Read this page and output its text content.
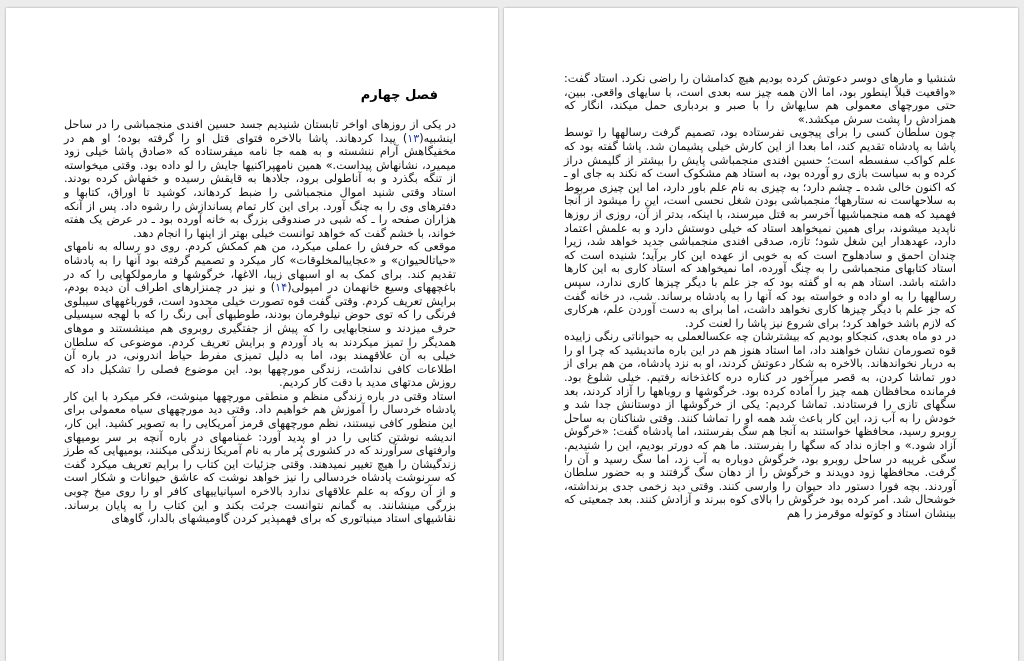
فصل چهارم

در یکی از روزهای اواخر تابستان شنیدیم جسد حسین افندی منجمباشی را در ساحل اینشبیه(۱۳) پیدا کردهاند. پاشا بالاخره فتوای قتل او را گرفته بوده؛ او هم در مخفیگاهش آرام ننشسته و به همه جا نامه میفرستاده که «صادق پاشا خیلی زود میمیرد، نشانهاش پیداست.» همین نامهپراکنیها جایش را لو داده بود. وقتی میخواسته از تنگه بگذرد و به آناطولی برود، جلادها به قایقش رسیده و خفهاش کرده بودند. استاد وقتی شنید اموال منجمباشی را ضبط کردهاند، کوشید تا اوراق، کتابها و دفترهای وی را به چنگ آورد. برای این کار تمام پساندازش را رشوه داد. پس از آنکه هزاران صفحه را ـ که شبی در صندوقی بزرگ به خانه آورده بود ـ در عرض یک هفته خواند، با خشم گفت که خواهد توانست خیلی بهتر از اینها را انجام دهد.

موقعی که حرفش را عملی میکرد، من هم کمکش کردم. روی دو رساله به نامهای «حیاتالحیوان» و «عجایبالمخلوقات» کار میکرد و تصمیم گرفته بود آنها را به پادشاه تقدیم کند. برای کمک به او اسبهای زیبا، الاغها، خرگوشها و مارمولکهایی را که در باغچههای وسیع خانهمان در امپولی(۱۴) و نیز در چمنزارهای اطراف آن دیده بودم، برایش تعریف کردم. وقتی گفت قوه تصورت خیلی محدود است، قورباغههای سیبلوی فرنگی را که توی حوض نیلوفرمان بودند، طوطیهای آبی رنگ را که با لهجه سیسیلی حرف میزدند و سنجابهایی را که پیش از جفتگیری روبروی هم مینشستند و موهای همدیگر را تمیز میکردند به یاد آوردم و برایش تعریف کردم. موضوعی که سلطان خیلی به آن علاقهمند بود، اما به دلیل تمیزی مفرط حیاط اندرونی، در باره آن اطلاعات کافی نداشت، زندگی مورچهها بود. این موضوع فصلی را تشکیل داد که روزش مدتهای مدید با دقت کار کردیم.

استاد وقتی در باره زندگی منظم و منطقی مورچهها مینوشت، فکر میکرد با این کار پادشاه خردسال را آموزش هم خواهیم داد. وقتی دید مورچههای سیاه معمولی برای این منظور کافی نیستند، نظم مورچههای قرمز آمریکایی را به تصویر کشید. این کار، اندیشه نوشتن کتابی را در او پدید آورد: غمنامهای در باره آنچه بر سر بومیهای وارفتهای سرآورند که در کشوری پُر مار به نام آمریکا زندگی میکنند، بومیهایی که طرز زندگیشان را هیچ تغییر نمیدهند. وقتی جزئیات این کتاب را برایم تعریف میکرد گفت که سرنوشت پادشاه خردسالی را نیز خواهد نوشت که عاشق حیوانات و شکار است و از آن روکه به علم علاقهای ندارد بالاخره اسپانیاییهای کافر او را روی میخ چوبی بزرگی مینشانند. به گمانم نتوانست جرئت بکند و این کتاب را به پایان برساند. نقاشیهای استاد مینیاتوری که برای فهمپذیر کردن گاومیشهای بالدار، گاوهای

شنشیا و مارهای دوسر دعوتش کرده بودیم هیچ کدامشان را راضی نکرد. استاد گفت: «واقعیت قبلاً اینطور بود، اما الان همه چیز سه بعدی است، با سایهای واقعی. ببین، حتی مورچهای معمولی هم سایهاش را با صبر و بردباری حمل میکند، انگار که همزادش را پشت سرش میکشد.»

چون سلطان کسی را برای پیجویی نفرستاده بود، تصمیم گرفت رسالهها را توسط پاشا به پادشاه تقدیم کند، اما بعدا از این کارش خیلی پشیمان شد. پاشا گفته بود که علم کواکب سفسطه است؛ حسین افندی منجمباشی پایش را بیشتر از گلیمش دراز کرده و به سیاست بازی رو آورده بود، به استاد هم مشکوک است که نکند به جای او ـ که اکنون خالی شده ـ چشم دارد؛ به چیزی به نام علم باور دارد، اما این چیزی مربوط به سلاحهاست نه ستارهها؛ منجمباشی بودن شغل نحسی است، این را میشود از آنجا فهمید که همه منجمباشیها آخرسر به قتل میرسند، با اینکه، بدتر از آن، روزی از روزها ناپدید میشوند، برای همین نمیخواهد استاد که خیلی دوستش دارد و به علمش اعتماد دارد، عهدهدار این شغل شود؛ تازه، صدقی افندی منجمباشی جدید خواهد شد، زیرا چندان احمق و سادهلوح است که به خوبی از عهده این کار برآید؛ شنیده است که استاد کتابهای منجمباشی را به چنگ آورده، اما نمیخواهد که استاد کاری به این کارها داشته باشد. استاد هم به او گفته بود که جز علم با دیگر چیزها کاری ندارد، سپس رسالهها را به او داده و خواسته بود که آنها را به پادشاه برساند. شب، در خانه گفت که جز علم با دیگر چیزها کاری نخواهد داشت، اما برای به دست آوردن علم، هرکاری که لازم باشد خواهد کرد؛ برای شروع نیز پاشا را لعنت کرد.

در دو ماه بعدی، کنجکاو بودیم که بیشترشان چه عکسالعملی به حیواناتی رنگی زاییده قوه تصورمان نشان خواهند داد، اما استاد هنوز هم در این باره ماندیشید که چرا او را به دربار نخواندهاند. بالاخره به شکار دعوتش کردند، او به نزد پادشاه، من هم برای از دور تماشا کردن، به قصر میرآخور در کناره دره کاغذخانه رفتیم. خیلی شلوغ بود. فرمانده محافظان همه چیز را آماده کرده بود. خرگوشها و روباهها را آزاد کردند، بعد سگهای تازی را فرستادند. تماشا کردیم: یکی از خرگوشها از دوستانش جدا شد و خودش را به آب زد، این کار باعث شد همه او را تماشا کنند. وقتی شناکنان به ساحل روبرو رسید، محافظها خواستند به آنجا هم سگ بفرستند، اما پادشاه گفت: «خرگوش آزاد شود.» و اجازه نداد که سگها را بفرستند. ما هم که دورتر بودیم، این را شنیدیم. سگی غریبه در ساحل روبرو بود، خرگوش دوباره به آب زد، اما سگ رسید و آن را گرفت. محافظها زود دویدند و خرگوش را از دهان سگ گرفتند و به حضور سلطان آوردند. بچه فورا دستور داد حیوان را وارسی کنند. وقتی دید زخمی جدی برنداشته، خوشحال شد. امر کرده بود خرگوش را بالای کوه ببرند و آزادش کنند. بعد جمعیتی که بینشان استاد و کوتوله موقرمز را هم
